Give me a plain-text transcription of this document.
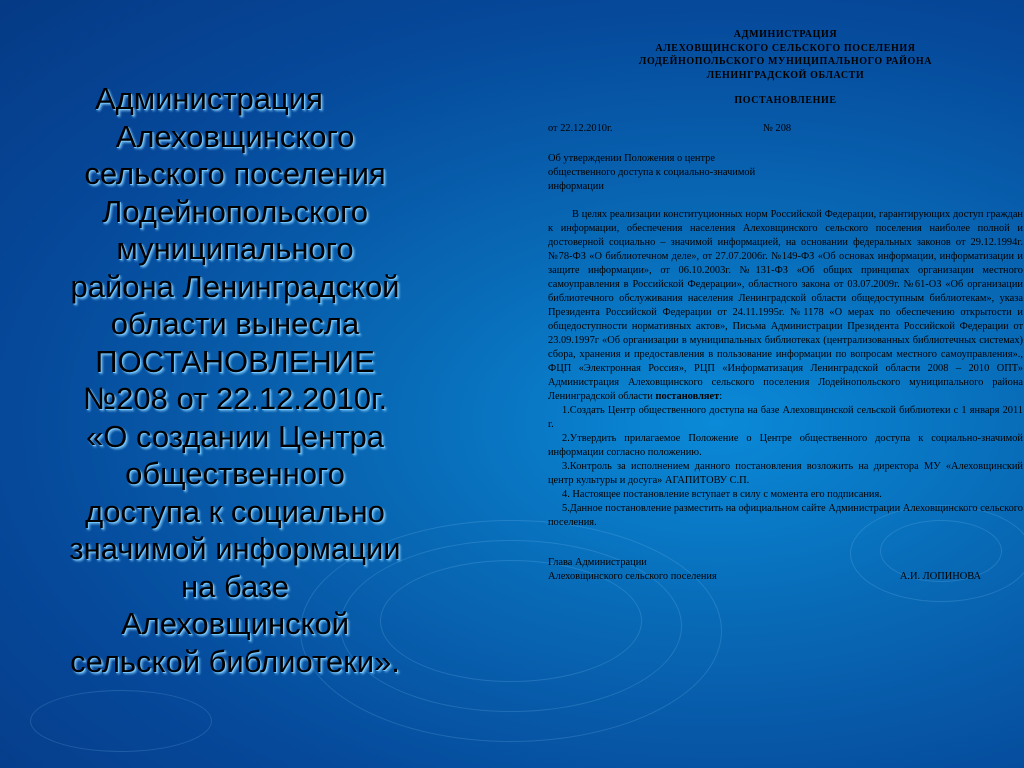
Администрация
Алеховщинского
сельского поселения
Лодейнопольского
муниципального
района Ленинградской
области вынесла
ПОСТАНОВЛЕНИЕ
№208 от 22.12.2010г.
«О создании Центра
общественного
доступа к социально
значимой информации
на базе
Алеховщинской
сельской библиотеки».
АДМИНИСТРАЦИЯ
АЛЕХОВЩИНСКОГО СЕЛЬСКОГО ПОСЕЛЕНИЯ
ЛОДЕЙНОПОЛЬСКОГО МУНИЦИПАЛЬНОГО РАЙОНА
ЛЕНИНГРАДСКОЙ ОБЛАСТИ
ПОСТАНОВЛЕНИЕ
от 22.12.2010г.	№ 208
Об утверждении Положения о центре
общественного доступа к социально-значимой
информации

В целях реализации конституционных норм Российской Федерации, гарантирующих доступ граждан к информации, обеспечения населения Алеховщинского сельского поселения наиболее полной и достоверной социально – значимой информацией, на основании федеральных законов от 29.12.1994г. №78-ФЗ «О библиотечном деле», от 27.07.2006г. №149-ФЗ «Об основах информации, информатизации и защите информации», от 06.10.2003г. №131-ФЗ «Об общих принципах организации местного самоуправления в Российской Федерации», областного закона от 03.07.2009г. №61-ОЗ «Об организации библиотечного обслуживания населения Ленинградской области общедоступным библиотекам», указа Президента Российской Федерации от 24.11.1995г. №1178 «О мерах по обеспечению открытости и общедоступности нормативных актов», Письма Администрации Президента Российской Федерации от 23.09.1997г «Об организации в муниципальных библиотеках (централизованных библиотечных системах) сбора, хранения и предоставления в пользование информации по вопросам местного самоуправления»., ФЦП «Электронная Россия», РЦП «Информатизация Ленинградской области 2008 – 2010 ОПТ» Администрация Алеховщинского сельского поселения Лодейнопольского муниципального района Ленинградской области постановляет:

1.Создать Центр общественного доступа на базе Алеховщинской сельской библиотеки с 1 января 2011 г.

2.Утвердить прилагаемое Положение о Центре общественного доступа к социально-значимой информации согласно положению.

3.Контроль за исполнением данного постановления возложить на директора МУ «Алеховщинский центр культуры и досуга» АГАПИТОВУ С.П.

4. Настоящее постановление вступает в силу с момента его подписания.

5.Данное постановление разместить на официальном сайте Администрации Алеховщинского сельского поселения.

Глава Администрации
Алеховщинского сельского поселения	А.И. ЛОПИНОВА
